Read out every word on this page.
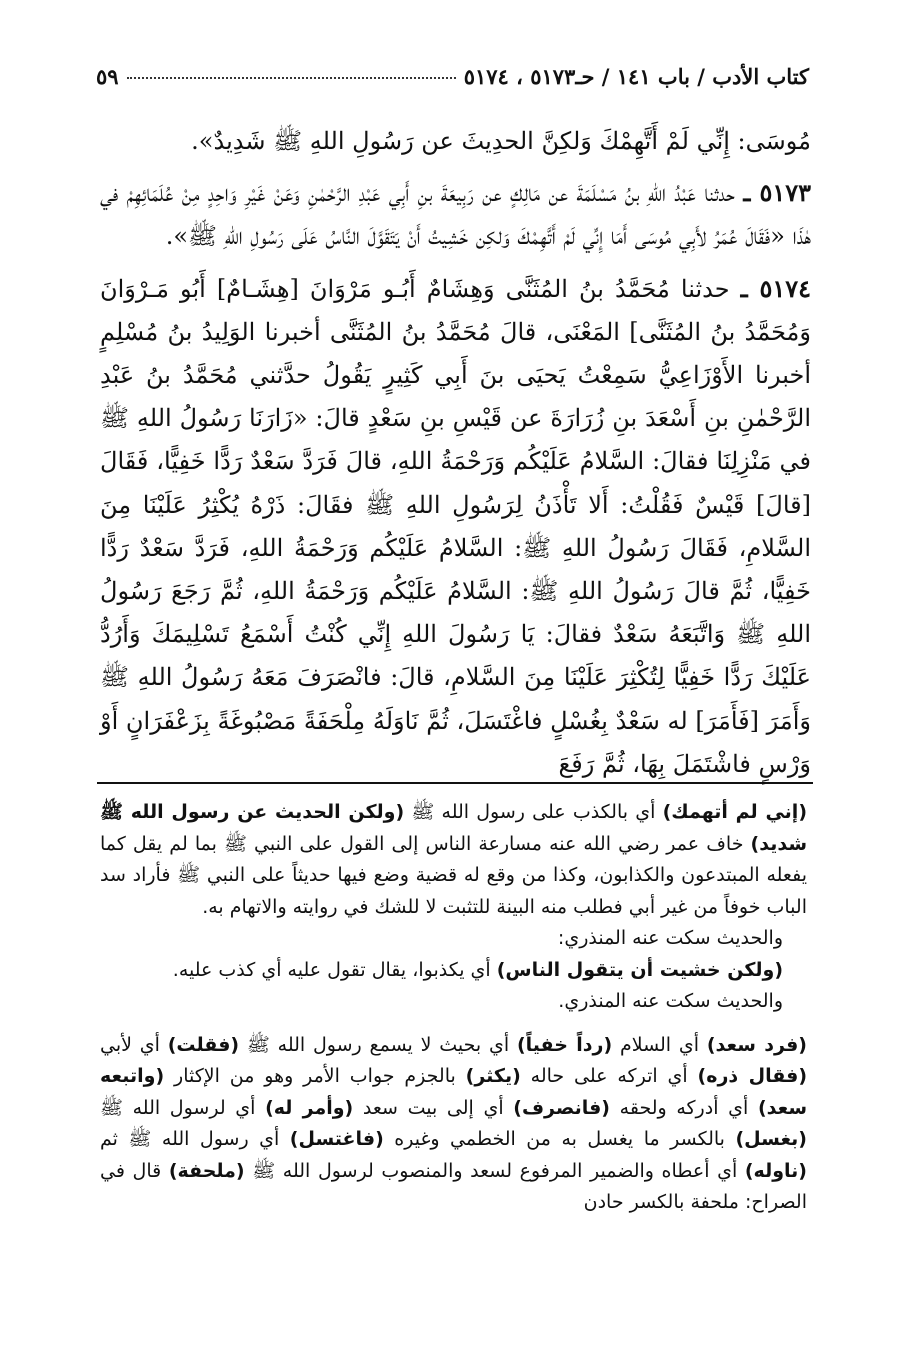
كتاب الأدب / باب ١٤١ / حـ٥١٧٣ ، ٥١٧٤
٥٩

مُوسَى: إِنِّي لَمْ أَتَّهِمْكَ وَلكِنَّ الحدِيثَ عن رَسُولِ اللهِ ﷺ شَدِيدٌ».

٥١٧٣ ـ حدثنا عَبْدُ اللهِ بنُ مَسْلَمَةَ عن مَالِكٍ عن رَبِيعَةَ بنِ أَبِي عَبْدِ الرَّحْمٰنِ وَعَنْ غَيْرِ وَاحِدٍ مِنْ عُلَمَائِهِمْ في هٰذَا «فَقَالَ عُمَرُ لأَبِي مُوسَى أَمَا إِنِّي لَمْ أَتَّهِمْكَ وَلكِن خَشِيتُ أَنْ يَتَقَوَّلَ النَّاسُ عَلَى رَسُولِ اللهِ ﷺ».

٥١٧٤ ـ حدثنا مُحَمَّدُ بنُ المُثَنَّى وَهِشَامٌ أَبُـو مَرْوَانَ [هِشَـامٌ] أَبُو مَـرْوَانَ وَمُحَمَّدُ بنُ المُثَنَّى] المَعْنَى، قالَ مُحَمَّدُ بنُ المُثَنَّى أخبرنا الوَلِيدُ بنُ مُسْلِمٍ أخبرنا الأَوْزَاعِيُّ سَمِعْتُ يَحيَى بنَ أَبِي كَثِيرٍ يَقُولُ حدَّثني مُحَمَّدُ بنُ عَبْدِ الرَّحْمٰنِ بنِ أَسْعَدَ بنِ زُرَارَةَ عن قَيْسِ بنِ سَعْدٍ قالَ: «زَارَنَا رَسُولُ اللهِ ﷺ في مَنْزِلِنَا فقالَ: السَّلامُ عَلَيْكُم وَرَحْمَةُ اللهِ، قالَ فَرَدَّ سَعْدٌ رَدًّا خَفِيًّا، فَقَالَ [قالَ] قَيْسٌ فَقُلْتُ: أَلا تَأْذَنُ لِرَسُولِ اللهِ ﷺ فقَالَ: ذَرْهُ يُكْثِرُ عَلَيْنَا مِنَ السَّلامِ، فَقَالَ رَسُولُ اللهِ ﷺ: السَّلامُ عَلَيْكُم وَرَحْمَةُ اللهِ، فَرَدَّ سَعْدٌ رَدًّا خَفِيًّا، ثُمَّ قالَ رَسُولُ اللهِ ﷺ: السَّلامُ عَلَيْكُم وَرَحْمَةُ اللهِ، ثُمَّ رَجَعَ رَسُولُ اللهِ ﷺ وَاتَّبَعَهُ سَعْدٌ فقالَ: يَا رَسُولَ اللهِ إِنِّي كُنْتُ أَسْمَعُ تَسْلِيمَكَ وَأَرُدُّ عَلَيْكَ رَدًّا خَفِيًّا لِتُكْثِرَ عَلَيْنَا مِنَ السَّلامِ، قالَ: فانْصَرَفَ مَعَهُ رَسُولُ اللهِ ﷺ وَأَمَرَ [فَأَمَرَ] له سَعْدٌ بِغُسْلٍ فاغْتَسَلَ، ثُمَّ نَاوَلَهُ مِلْحَفَةً مَصْبُوغَةً بِزَعْفَرَانٍ أَوْ وَرْسٍ فاشْتَمَلَ بِهَا، ثُمَّ رَفَعَ

(إني لم أتهمك) أي بالكذب على رسول الله ﷺ (ولكن الحديث عن رسول الله ﷺ شديد) خاف عمر رضي الله عنه مسارعة الناس إلى القول على النبي ﷺ بما لم يقل كما يفعله المبتدعون والكذابون، وكذا من وقع له قضية وضع فيها حديثاً على النبي ﷺ فأراد سد الباب خوفاً من غير أبي فطلب منه البينة للتثبت لا للشك في روايته والاتهام به.

والحديث سكت عنه المنذري:

(ولكن خشيت أن يتقول الناس) أي يكذبوا، يقال تقول عليه أي كذب عليه.

والحديث سكت عنه المنذري.

(فرد سعد) أي السلام (رداً خفياً) أي بحيث لا يسمع رسول الله ﷺ (فقلت) أي لأبي (فقال ذره) أي اتركه على حاله (يكثر) بالجزم جواب الأمر وهو من الإكثار (واتبعه سعد) أي أدركه ولحقه (فانصرف) أي إلى بيت سعد (وأمر له) أي لرسول الله ﷺ (بغسل) بالكسر ما يغسل به من الخطمي وغيره (فاغتسل) أي رسول الله ﷺ ثم (ناوله) أي أعطاه والضمير المرفوع لسعد والمنصوب لرسول الله ﷺ (ملحفة) قال في الصراح: ملحفة بالكسر حادن
